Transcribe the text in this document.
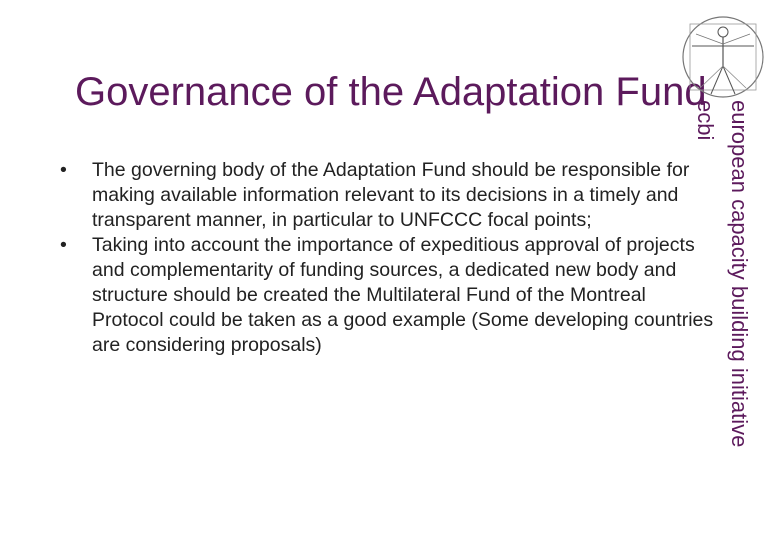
Governance of the Adaptation Fund
ecbi european capacity building initiative
•	The governing body of the Adaptation Fund should be responsible for making available information relevant to its decisions in a timely and transparent manner, in particular to UNFCCC focal points;
•	Taking into account the importance of expeditious approval of projects and complementarity of funding sources, a dedicated new body and structure should be created the Multilateral Fund of the Montreal Protocol could be taken as a good example (Some developing countries are considering proposals)
